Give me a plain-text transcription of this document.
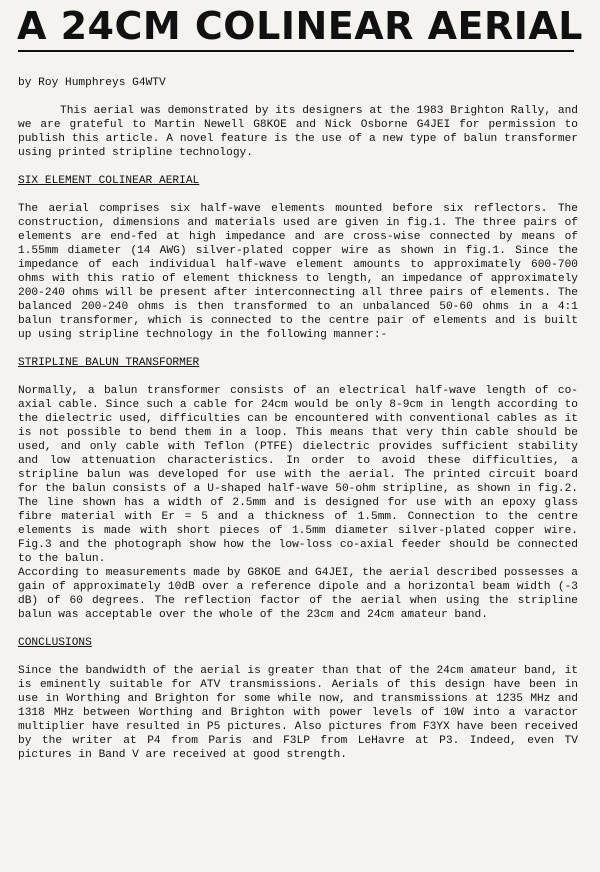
A 24CM COLINEAR AERIAL

by Roy Humphreys G4WTV

This aerial was demonstrated by its designers at the 1983 Brighton Rally, and we are grateful to Martin Newell G8KOE and Nick Osborne G4JEI for permission to publish this article. A novel feature is the use of a new type of balun transformer using printed stripline technology.

SIX ELEMENT COLINEAR AERIAL

The aerial comprises six half-wave elements mounted before six reflectors. The construction, dimensions and materials used are given in fig.1. The three pairs of elements are end-fed at high impedance and are cross-wise connected by means of 1.55mm diameter (14 AWG) silver-plated copper wire as shown in fig.1. Since the impedance of each individual half-wave element amounts to approximately 600-700 ohms with this ratio of element thickness to length, an impedance of approximately 200-240 ohms will be present after interconnecting all three pairs of elements. The balanced 200-240 ohms is then transformed to an unbalanced 50-60 ohms in a 4:1 balun transformer, which is connected to the centre pair of elements and is built up using stripline technology in the following manner:-

STRIPLINE BALUN TRANSFORMER

Normally, a balun transformer consists of an electrical half-wave length of co-axial cable. Since such a cable for 24cm would be only 8-9cm in length according to the dielectric used, difficulties can be encountered with conventional cables as it is not possible to bend them in a loop. This means that very thin cable should be used, and only cable with Teflon (PTFE) dielectric provides sufficient stability and low attenuation characteristics. In order to avoid these difficulties, a stripline balun was developed for use with the aerial. The printed circuit board for the balun consists of a U-shaped half-wave 50-ohm stripline, as shown in fig.2. The line shown has a width of 2.5mm and is designed for use with an epoxy glass fibre material with Er = 5 and a thickness of 1.5mm. Connection to the centre elements is made with short pieces of 1.5mm diameter silver-plated copper wire. Fig.3 and the photograph show how the low-loss co-axial feeder should be connected to the balun.

According to measurements made by G8KOE and G4JEI, the aerial described possesses a gain of approximately 10dB over a reference dipole and a horizontal beam width (-3 dB) of 60 degrees. The reflection factor of the aerial when using the stripline balun was acceptable over the whole of the 23cm and 24cm amateur band.

CONCLUSIONS

Since the bandwidth of the aerial is greater than that of the 24cm amateur band, it is eminently suitable for ATV transmissions. Aerials of this design have been in use in Worthing and Brighton for some while now, and transmissions at 1235 MHz and 1318 MHz between Worthing and Brighton with power levels of 10W into a varactor multiplier have resulted in P5 pictures. Also pictures from F3YX have been received by the writer at P4 from Paris and F3LP from LeHavre at P3. Indeed, even TV pictures in Band V are received at good strength.
